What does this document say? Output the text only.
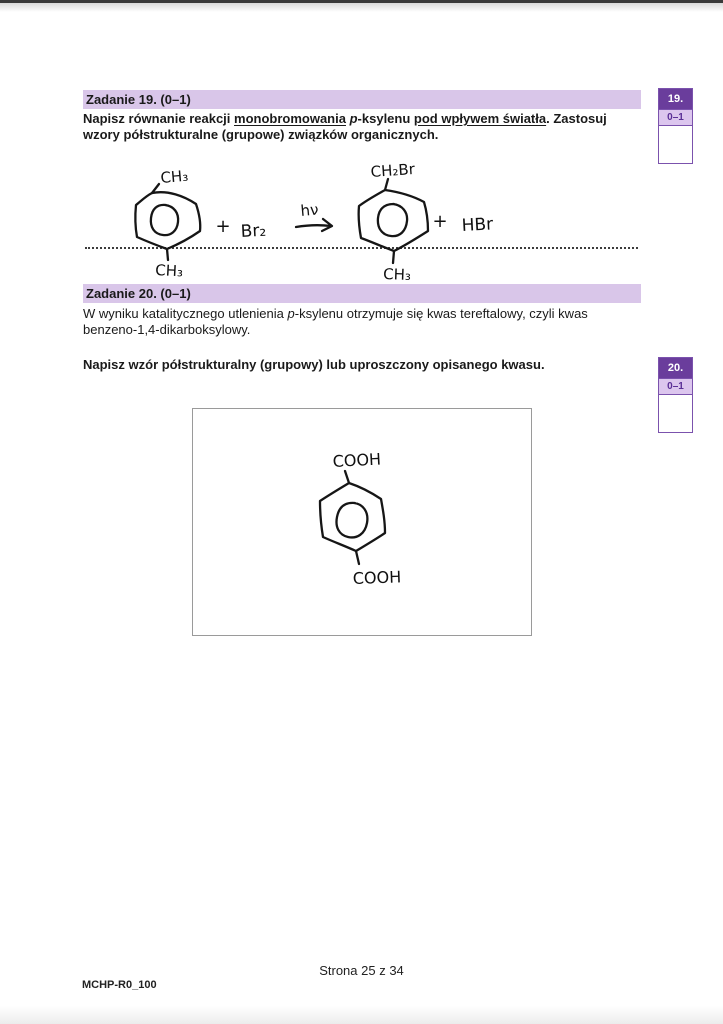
Zadanie 19. (0–1)

Napisz równanie reakcji monobromowania p-ksylenu pod wpływem światła. Zastosuj wzory półstrukturalne (grupowe) związków organicznych.

CH₃
CH₃
+ Br₂
hν
CH₂Br
CH₃
+ HBr
19.
0–1
Zadanie 20. (0–1)

W wyniku katalitycznego utlenienia p-ksylenu otrzymuje się kwas tereftalowy, czyli kwas benzeno-1,4-dikarboksylowy.

Napisz wzór półstrukturalny (grupowy) lub uproszczony opisanego kwasu.	20.
0–1
COOH
COOH
Strona 25 z 34
MCHP-R0_100
